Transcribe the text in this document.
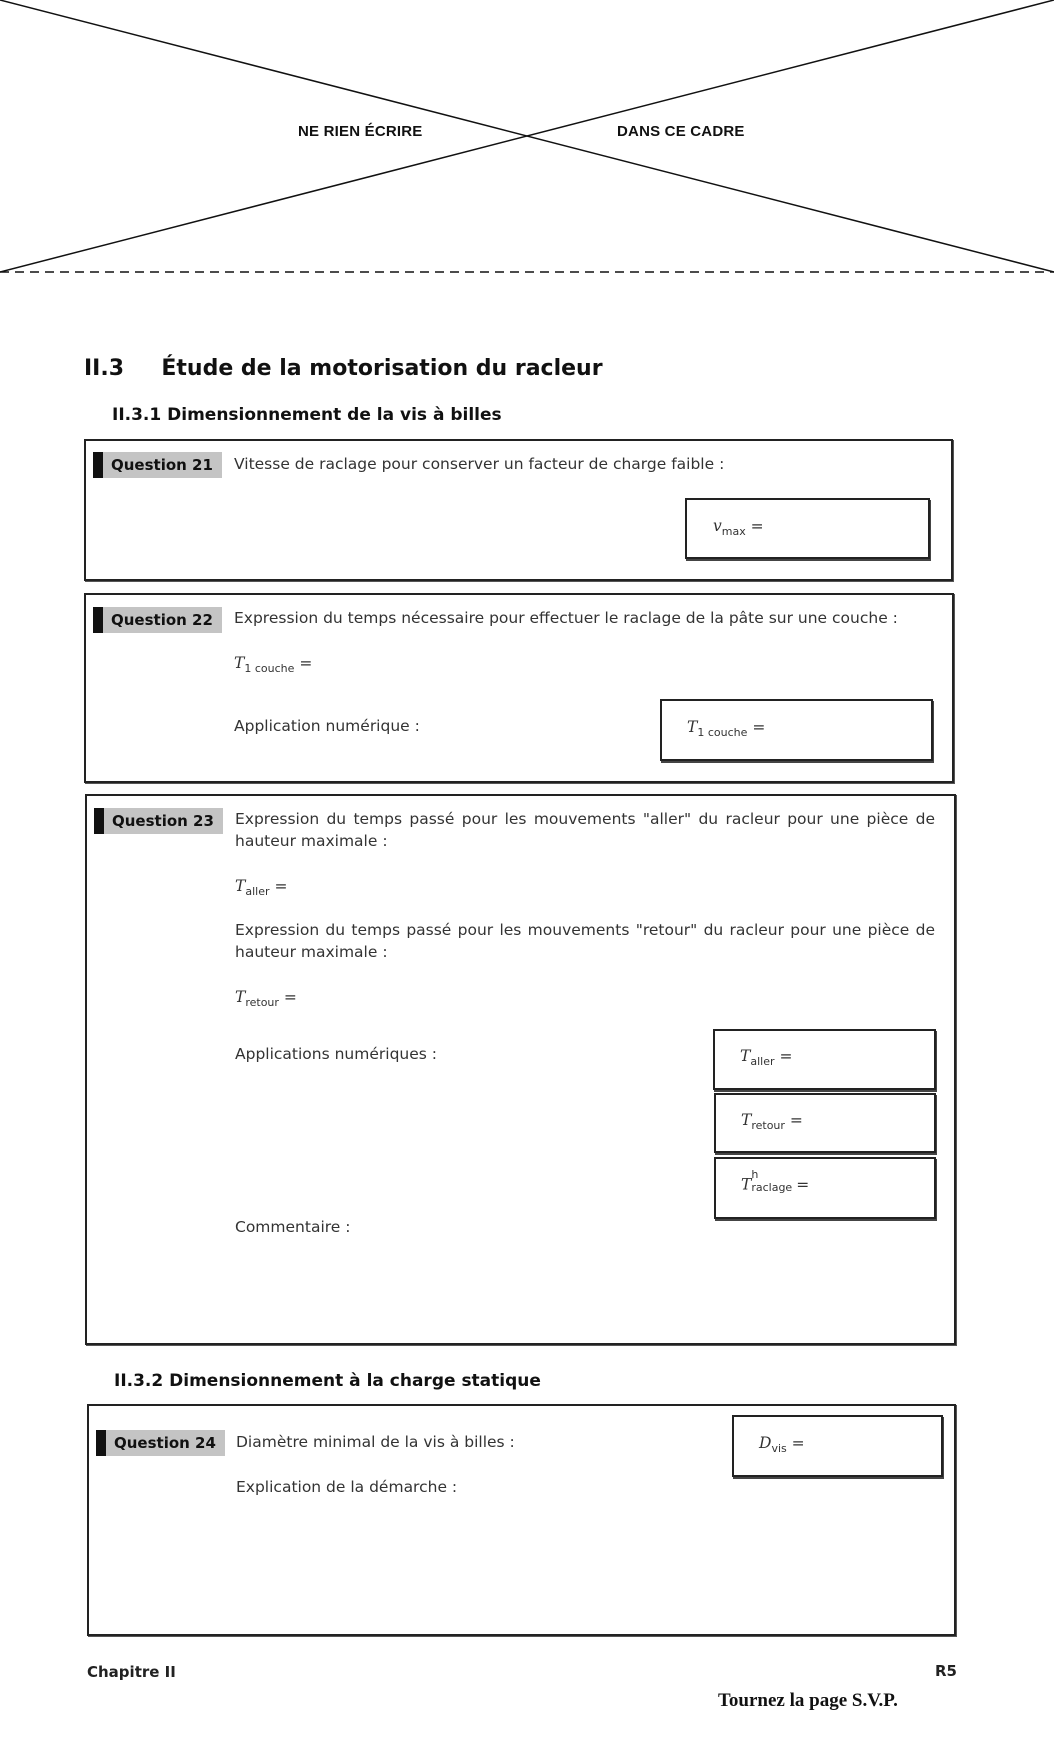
NE RIEN ÉCRIRE	DANS CE CADRE
II.3 Étude de la motorisation du racleur
II.3.1 Dimensionnement de la vis à billes
Question 21	Vitesse de raclage pour conserver un facteur de charge faible :
$v_{max}$ =
Question 22	Expression du temps nécessaire pour effectuer le raclage de la pâte sur une couche :
$T_{1 couche}$ =
Application numérique :	$T_{1 couche}$ =
Question 23	Expression du temps passé pour les mouvements "aller" du racleur pour une pièce de hauteur maximale :
$T_{aller}$ =
Expression du temps passé pour les mouvements "retour" du racleur pour une pièce de hauteur maximale :
$T_{retour}$ =
Applications numériques :	$T_{aller}$ =
$T_{retour}$ =
T
h
raclage =
Commentaire :
II.3.2 Dimensionnement à la charge statique
Question 24	Diamètre minimal de la vis à billes :
Explication de la démarche :
$D_{vis}$ =
Chapitre II	R5
Tournez la page S.V.P.
